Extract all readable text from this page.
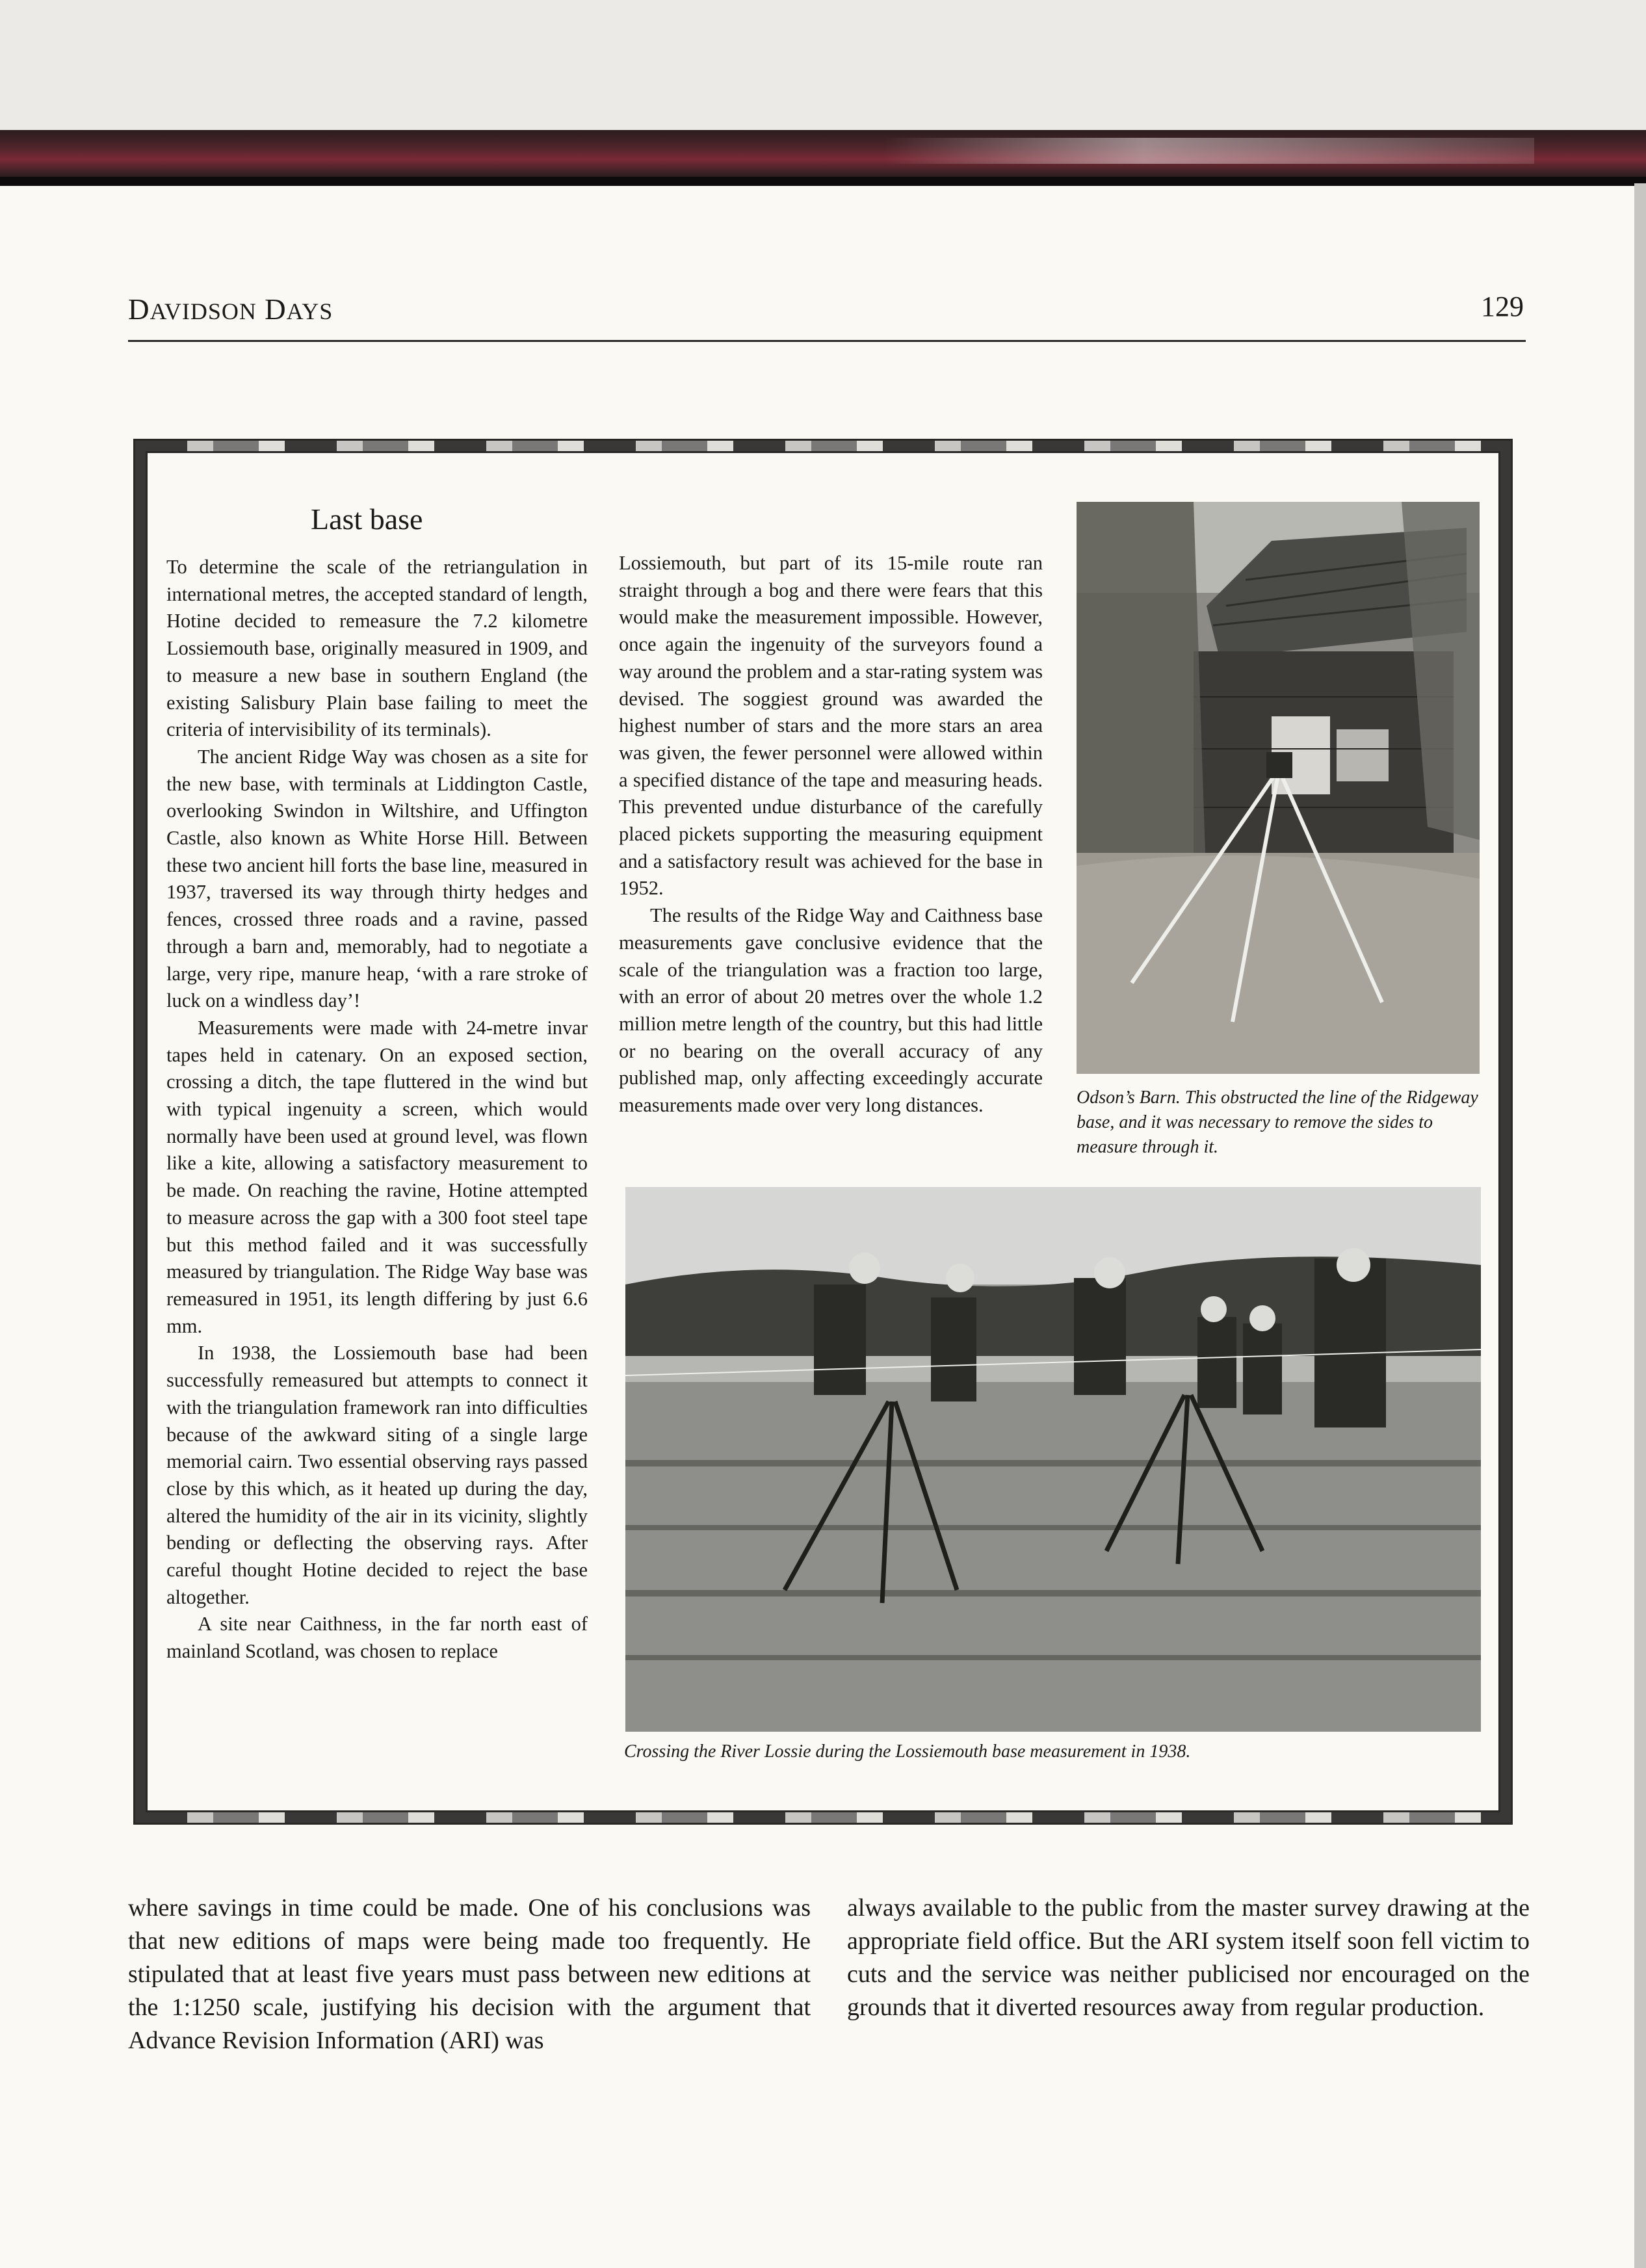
DAVIDSON DAYS	129
Last base

To determine the scale of the retriangulation in international metres, the accepted standard of length, Hotine decided to remeasure the 7.2 kilometre Lossiemouth base, originally measured in 1909, and to measure a new base in southern England (the existing Salisbury Plain base failing to meet the criteria of intervisibility of its terminals).

The ancient Ridge Way was chosen as a site for the new base, with terminals at Liddington Castle, overlooking Swindon in Wiltshire, and Uffington Castle, also known as White Horse Hill. Between these two ancient hill forts the base line, measured in 1937, traversed its way through thirty hedges and fences, crossed three roads and a ravine, passed through a barn and, memorably, had to negotiate a large, very ripe, manure heap, ‘with a rare stroke of luck on a windless day’!

Measurements were made with 24-metre invar tapes held in catenary. On an exposed section, crossing a ditch, the tape fluttered in the wind but with typical ingenuity a screen, which would normally have been used at ground level, was flown like a kite, allowing a satisfactory measurement to be made. On reaching the ravine, Hotine attempted to measure across the gap with a 300 foot steel tape but this method failed and it was successfully measured by triangulation. The Ridge Way base was remeasured in 1951, its length differing by just 6.6 mm.

In 1938, the Lossiemouth base had been successfully remeasured but attempts to connect it with the triangulation framework ran into difficulties because of the awkward siting of a single large memorial cairn. Two essential observing rays passed close by this which, as it heated up during the day, altered the humidity of the air in its vicinity, slightly bending or deflecting the observing rays. After careful thought Hotine decided to reject the base altogether.

A site near Caithness, in the far north east of mainland Scotland, was chosen to replace

Lossiemouth, but part of its 15-mile route ran straight through a bog and there were fears that this would make the measurement impossible. However, once again the ingenuity of the surveyors found a way around the problem and a star-rating system was devised. The soggiest ground was awarded the highest number of stars and the more stars an area was given, the fewer personnel were allowed within a specified distance of the tape and measuring heads. This prevented undue disturbance of the carefully placed pickets supporting the measuring equipment and a satisfactory result was achieved for the base in 1952.

The results of the Ridge Way and Caithness base measurements gave conclusive evidence that the scale of the triangulation was a fraction too large, with an error of about 20 metres over the whole 1.2 million metre length of the country, but this had little or no bearing on the overall accuracy of any published map, only affecting exceedingly accurate measurements made over very long distances.	Odson’s Barn. This obstructed the line of the Ridgeway base, and it was necessary to remove the sides to measure through it.
Crossing the River Lossie during the Lossiemouth base measurement in 1938.

where savings in time could be made. One of his conclusions was that new editions of maps were being made too frequently. He stipulated that at least five years must pass between new editions at the 1:1250 scale, justifying his decision with the argument that Advance Revision Information (ARI) was

always available to the public from the master survey drawing at the appropriate field office. But the ARI system itself soon fell victim to cuts and the service was neither publicised nor encouraged on the grounds that it diverted resources away from regular production.
